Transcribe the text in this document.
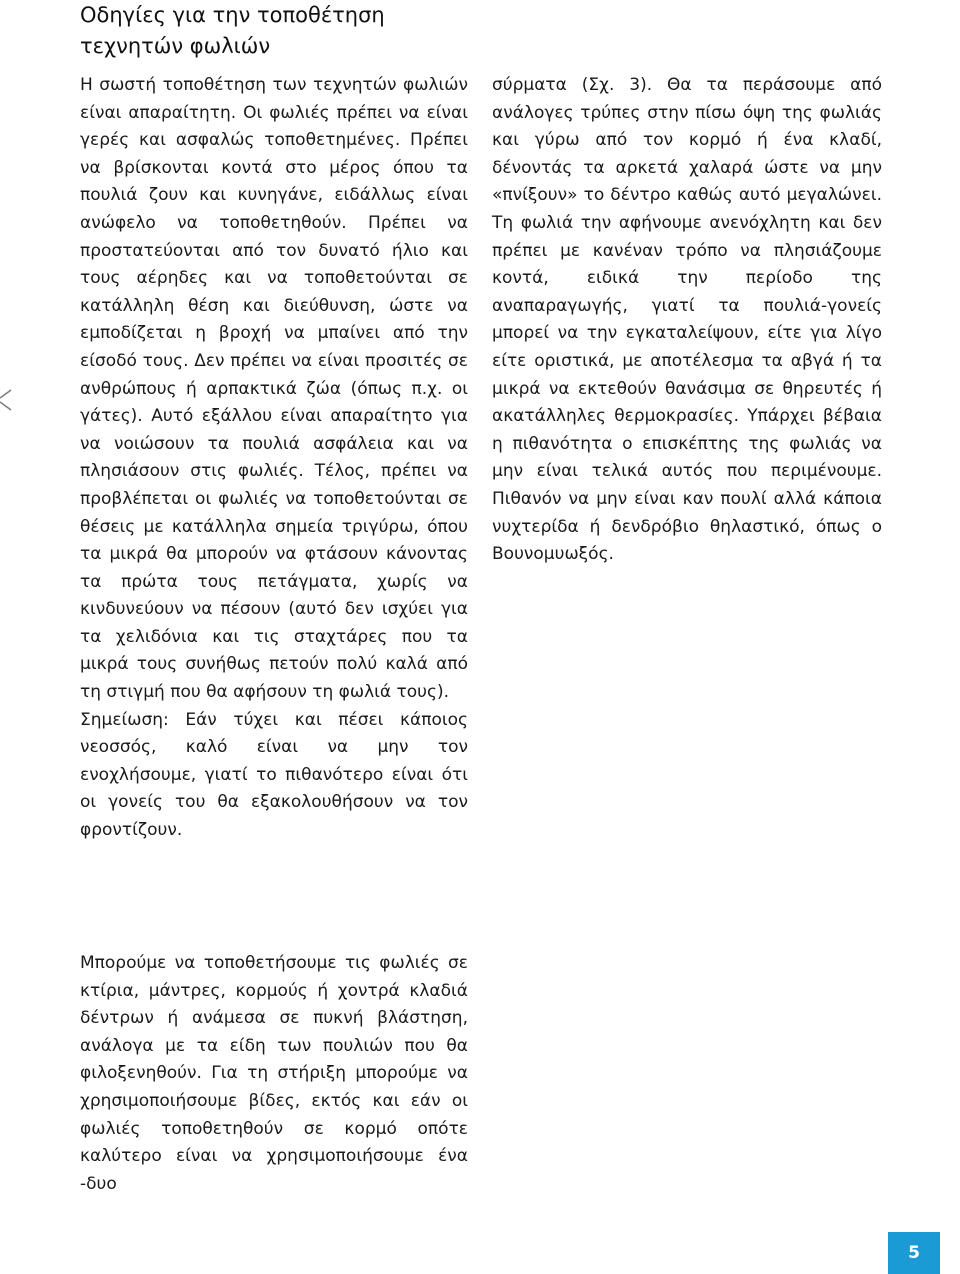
Οδηγίες για την τοποθέτηση
τεχνητών φωλιών

Η σωστή τοποθέτηση των τεχνητών φωλιών είναι απαραίτητη. Οι φωλιές πρέπει να είναι γερές και ασφαλώς τοποθετημένες. Πρέπει να βρίσκονται κοντά στο μέρος όπου τα πουλιά ζουν και κυνηγάνε, ειδάλλως είναι ανώφελο να τοποθετηθούν. Πρέπει να προστατεύονται από τον δυνατό ήλιο και τους αέρηδες και να τοποθετούνται σε κατάλληλη θέση και διεύθυνση, ώστε να εμποδίζεται η βροχή να μπαίνει από την είσοδό τους. Δεν πρέπει να είναι προσιτές σε ανθρώπους ή αρπακτικά ζώα (όπως π.χ. οι γάτες). Αυτό εξάλλου είναι απαραίτητο για να νοιώσουν τα πουλιά ασφάλεια και να πλησιάσουν στις φωλιές. Τέλος, πρέπει να προβλέπεται οι φωλιές να τοποθετούνται σε θέσεις με κατάλληλα σημεία τριγύρω, όπου τα μικρά θα μπορούν να φτάσουν κάνοντας τα πρώτα τους πετάγματα, χωρίς να κινδυνεύουν να πέσουν (αυτό δεν ισχύει για τα χελιδόνια και τις σταχτάρες που τα μικρά τους συνήθως πετούν πολύ καλά από τη στιγμή που θα αφήσουν τη φωλιά τους).

Σημείωση: Εάν τύχει και πέσει κάποιος νεοσσός, καλό είναι να μην τον ενοχλήσουμε, γιατί το πιθανότερο είναι ότι οι γονείς του θα εξακολουθήσουν να τον φροντίζουν.

Μπορούμε να τοποθετήσουμε τις φωλιές σε κτίρια, μάντρες, κορμούς ή χοντρά κλαδιά δέντρων ή ανάμεσα σε πυκνή βλάστηση, ανάλογα με τα είδη των πουλιών που θα φιλοξενηθούν. Για τη στήριξη μπορούμε να χρησιμοποιήσουμε βίδες, εκτός και εάν οι φωλιές τοποθετηθούν σε κορμό οπότε καλύτερο είναι να χρησιμοποιήσουμε ένα -δυο

σύρματα (Σχ. 3). Θα τα περάσουμε από ανάλογες τρύπες στην πίσω όψη της φωλιάς και γύρω από τον κορμό ή ένα κλαδί, δένοντάς τα αρκετά χαλαρά ώστε να μην «πνίξουν» το δέντρο καθώς αυτό μεγαλώνει. Τη φωλιά την αφήνουμε ανενόχλητη και δεν πρέπει με κανέναν τρόπο να πλησιάζουμε κοντά, ειδικά την περίοδο της αναπαραγωγής, γιατί τα πουλιά-γονείς μπορεί να την εγκαταλείψουν, είτε για λίγο είτε οριστικά, με αποτέλεσμα τα αβγά ή τα μικρά να εκτεθούν θανάσιμα σε θηρευτές ή ακατάλληλες θερμοκρασίες. Υπάρχει βέβαια η πιθανότητα ο επισκέπτης της φωλιάς να μην είναι τελικά αυτός που περιμένουμε. Πιθανόν να μην είναι καν πουλί αλλά κάποια νυχτερίδα ή δενδρόβιο θηλαστικό, όπως ο Βουνομυωξός.

5
